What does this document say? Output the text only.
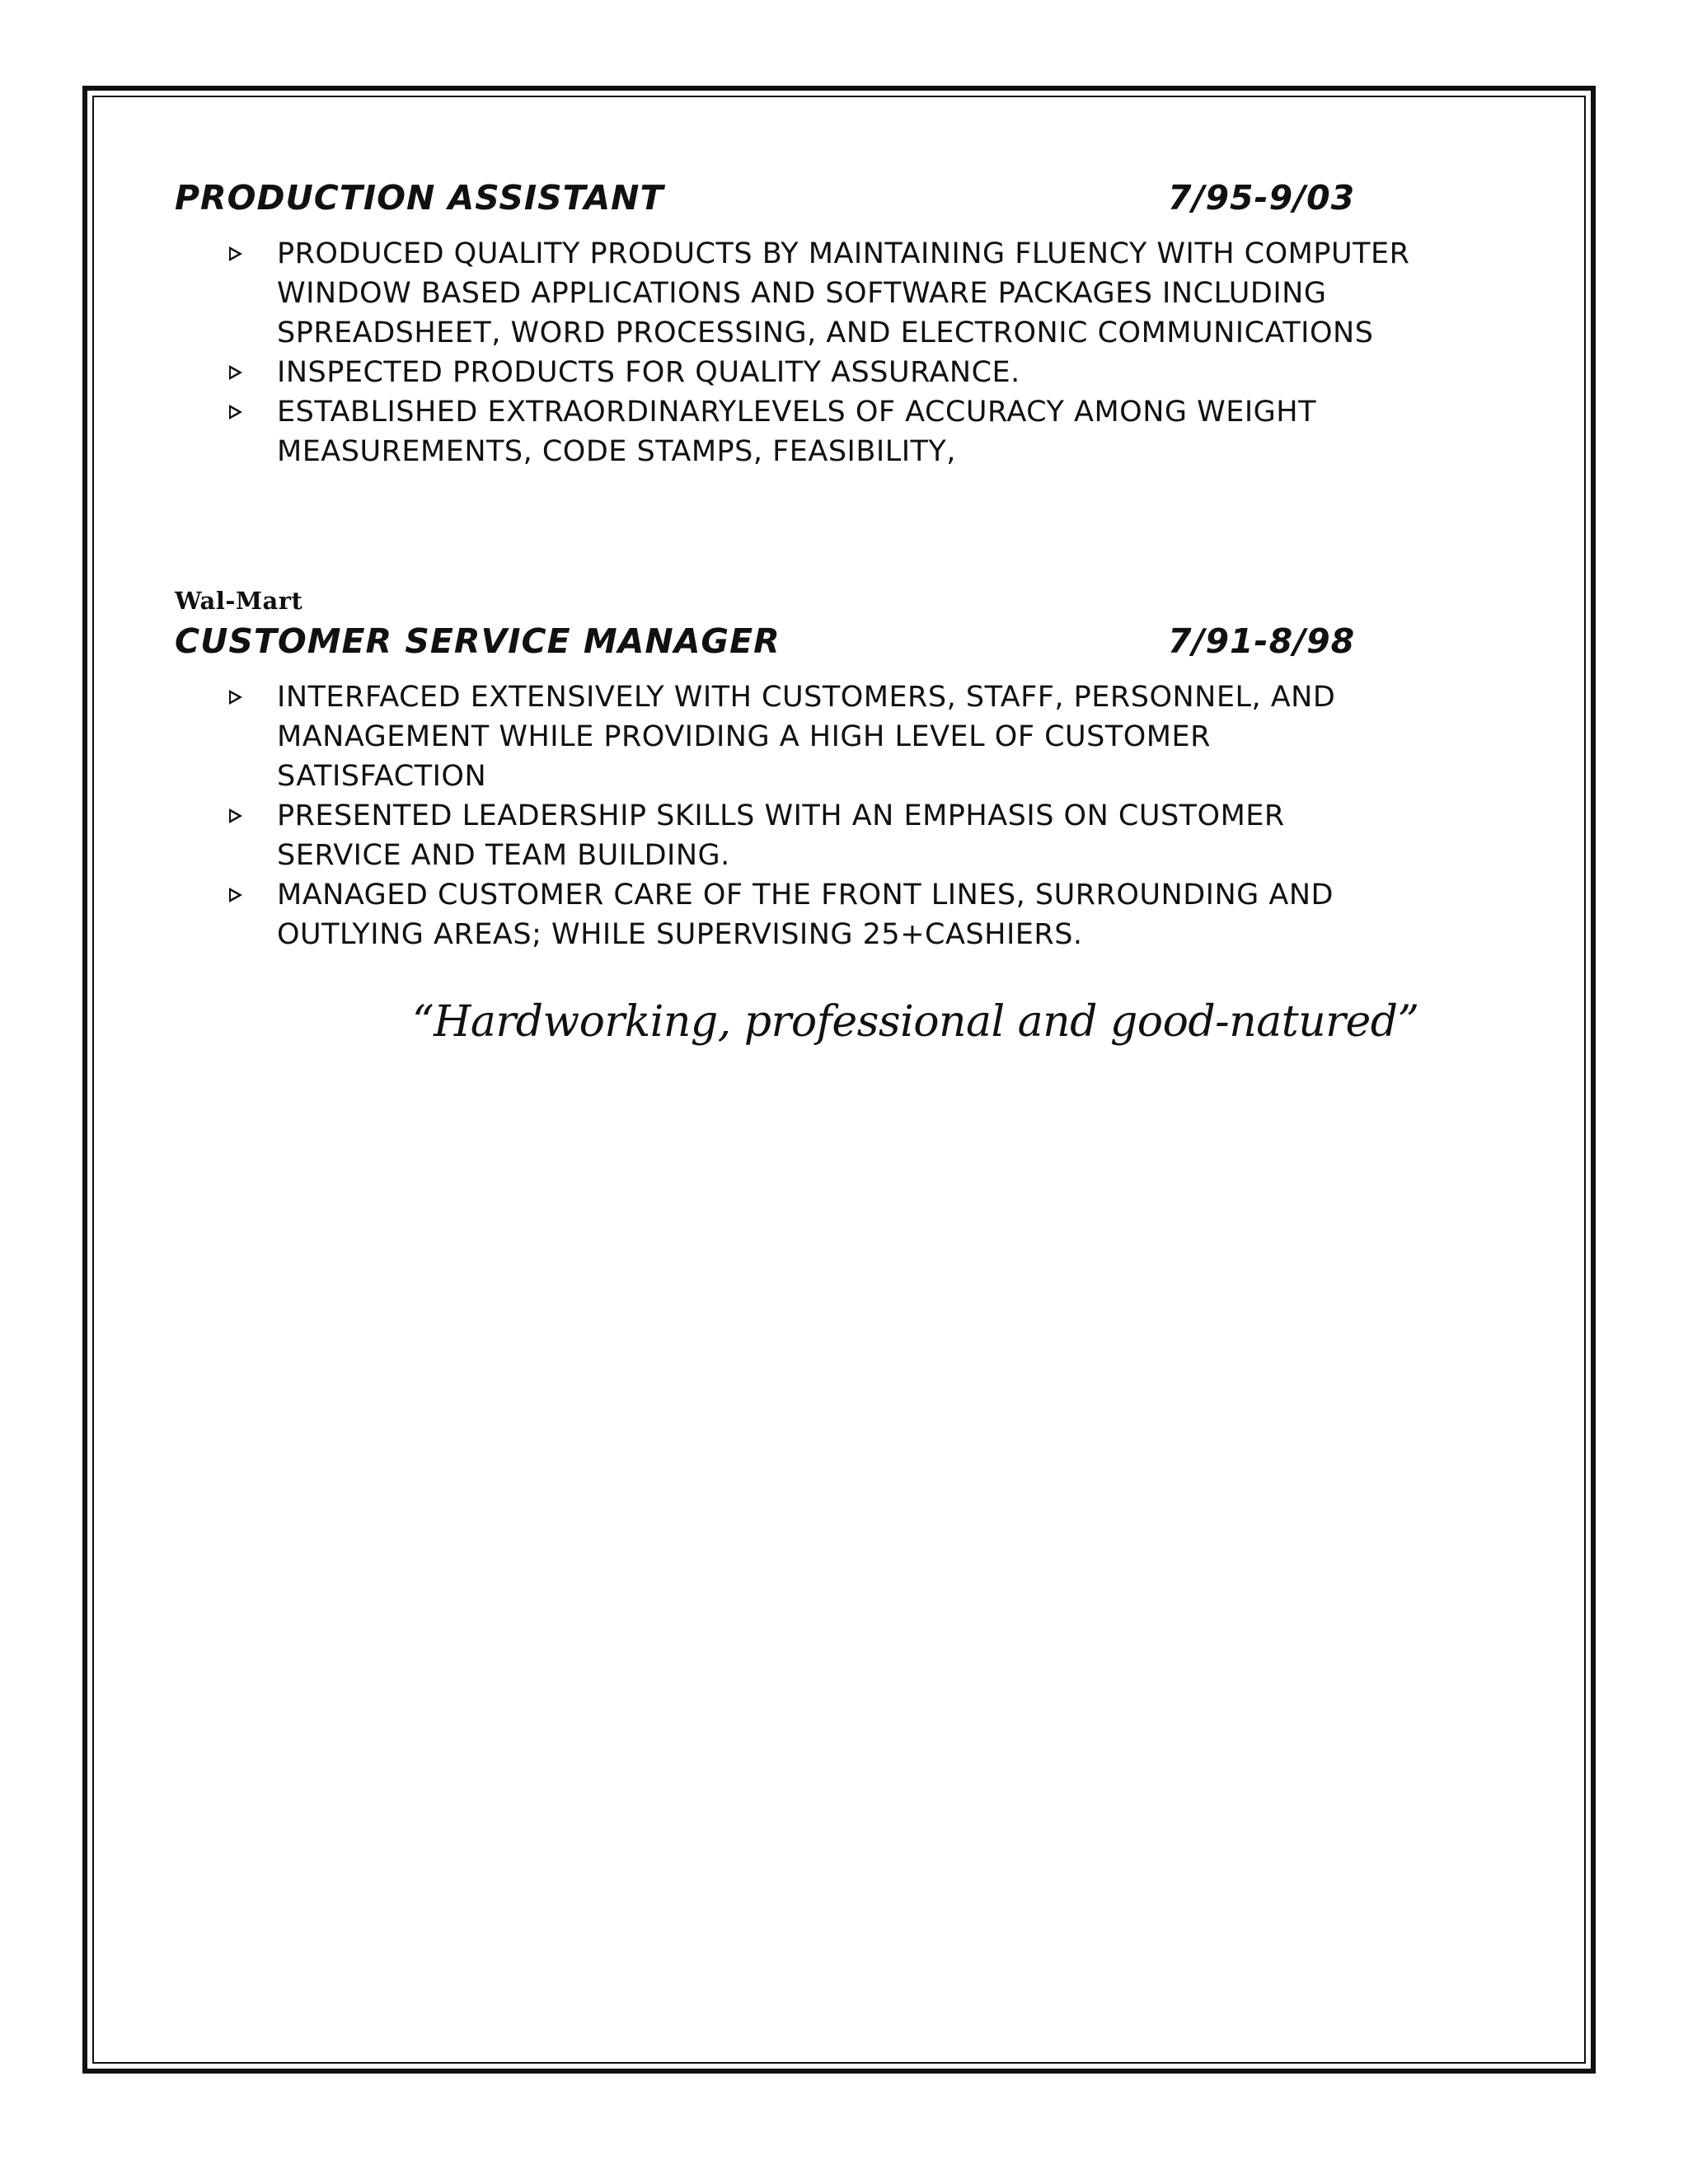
PRODUCTION ASSISTANT	7/95-9/03
PRODUCED QUALITY PRODUCTS BY MAINTAINING FLUENCY WITH COMPUTER WINDOW BASED APPLICATIONS AND SOFTWARE PACKAGES INCLUDING SPREADSHEET, WORD PROCESSING, AND ELECTRONIC COMMUNICATIONS
INSPECTED PRODUCTS FOR QUALITY ASSURANCE.
ESTABLISHED EXTRAORDINARYLEVELS OF ACCURACY AMONG WEIGHT MEASUREMENTS, CODE STAMPS, FEASIBILITY,
Wal-Mart
CUSTOMER SERVICE MANAGER	7/91-8/98
INTERFACED EXTENSIVELY WITH CUSTOMERS, STAFF, PERSONNEL, AND MANAGEMENT WHILE PROVIDING A HIGH LEVEL OF CUSTOMER SATISFACTION
PRESENTED LEADERSHIP SKILLS WITH AN EMPHASIS ON CUSTOMER SERVICE AND TEAM BUILDING.
MANAGED CUSTOMER CARE OF THE FRONT LINES, SURROUNDING AND OUTLYING AREAS; WHILE SUPERVISING 25+CASHIERS.
“Hardworking, professional and good-natured”
